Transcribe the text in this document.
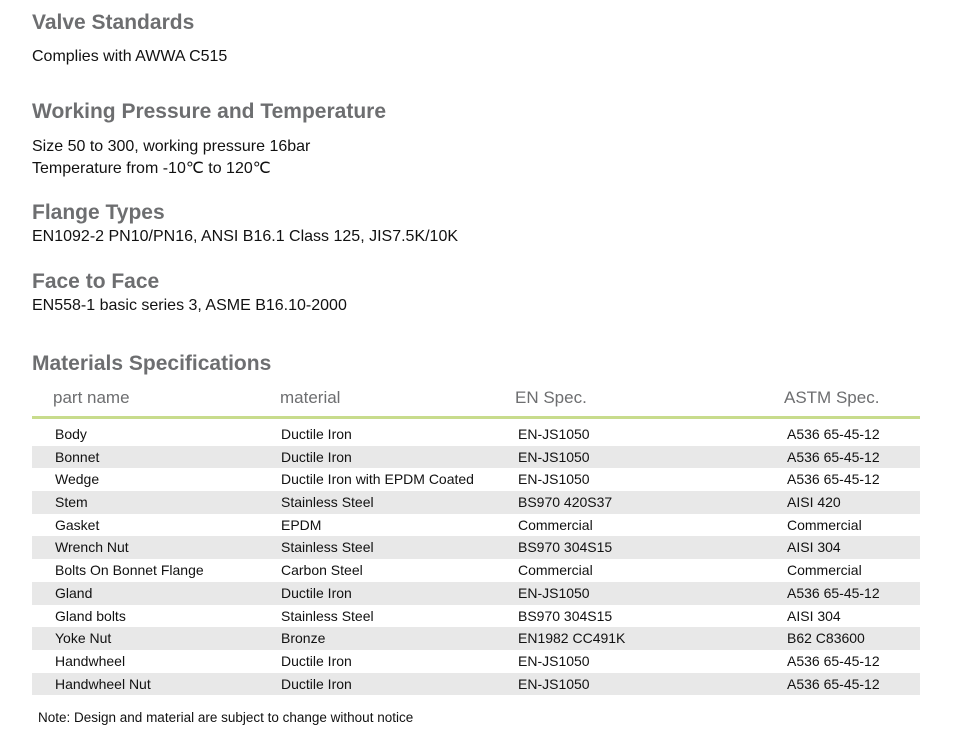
Valve Standards

Complies with AWWA C515

Working Pressure and Temperature

Size 50 to 300, working pressure 16bar

Temperature from -10℃ to 120℃

Flange Types

EN1092-2 PN10/PN16, ANSI B16.1 Class 125, JIS7.5K/10K

Face to Face

EN558-1 basic series 3, ASME B16.10-2000

Materials Specifications
part name	material	EN Spec.	ASTM Spec.
Body	Ductile Iron	EN-JS1050	A536 65-45-12
Bonnet	Ductile Iron	EN-JS1050	A536 65-45-12
Wedge	Ductile Iron with EPDM Coated	EN-JS1050	A536 65-45-12
Stem	Stainless Steel	BS970 420S37	AISI 420
Gasket	EPDM	Commercial	Commercial
Wrench Nut	Stainless Steel	BS970 304S15	AISI 304
Bolts On Bonnet Flange	Carbon Steel	Commercial	Commercial
Gland	Ductile Iron	EN-JS1050	A536 65-45-12
Gland bolts	Stainless Steel	BS970 304S15	AISI 304
Yoke Nut	Bronze	EN1982 CC491K	B62 C83600
Handwheel	Ductile Iron	EN-JS1050	A536 65-45-12
Handwheel Nut	Ductile Iron	EN-JS1050	A536 65-45-12
Note: Design and material are subject to change without notice
